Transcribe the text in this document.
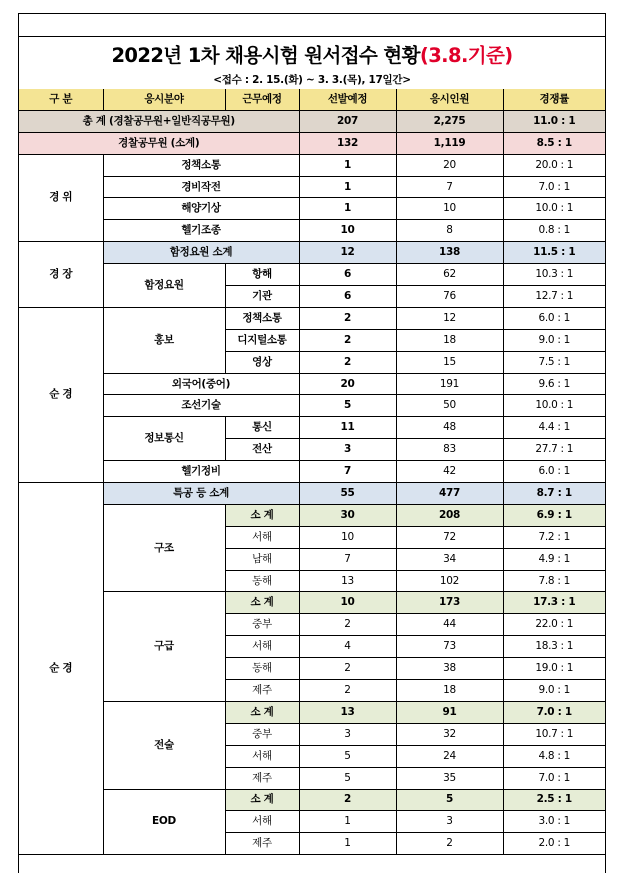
2022년 1차 채용시험 원서접수 현황(3.8.기준)
<접수 : 2. 15.(화) ~ 3. 3.(목), 17일간>
구 분	응시분야	근무예정	선발예정	응시인원	경쟁률
총 계 (경찰공무원+일반직공무원)			207	2,275	11.0 : 1
경찰공무원 (소계)			132	1,119	8.5 : 1
경 위	정책소통		1	20	20.0 : 1
	경비작전		1	7	7.0 : 1
	해양기상		1	10	10.0 : 1
	헬기조종		10	8	0.8 : 1
경 장	함정요원 소계		12	138	11.5 : 1
	함정요원	항해	6	62	10.3 : 1
		기관	6	76	12.7 : 1
순 경	홍보	정책소통	2	12	6.0 : 1
		디지털소통	2	18	9.0 : 1
		영상	2	15	7.5 : 1
	외국어(중어)		20	191	9.6 : 1
	조선기술		5	50	10.0 : 1
	정보통신	통신	11	48	4.4 : 1
		전산	3	83	27.7 : 1
	헬기정비		7	42	6.0 : 1
순 경	특공 등 소계		55	477	8.7 : 1
	구조	소 계	30	208	6.9 : 1
		서해	10	72	7.2 : 1
		남해	7	34	4.9 : 1
		동해	13	102	7.8 : 1
	구급	소 계	10	173	17.3 : 1
		중부	2	44	22.0 : 1
		서해	4	73	18.3 : 1
		동해	2	38	19.0 : 1
		제주	2	18	9.0 : 1
	전술	소 계	13	91	7.0 : 1
		중부	3	32	10.7 : 1
		서해	5	24	4.8 : 1
		제주	5	35	7.0 : 1
	EOD	소 계	2	5	2.5 : 1
		서해	1	3	3.0 : 1
		제주	1	2	2.0 : 1
